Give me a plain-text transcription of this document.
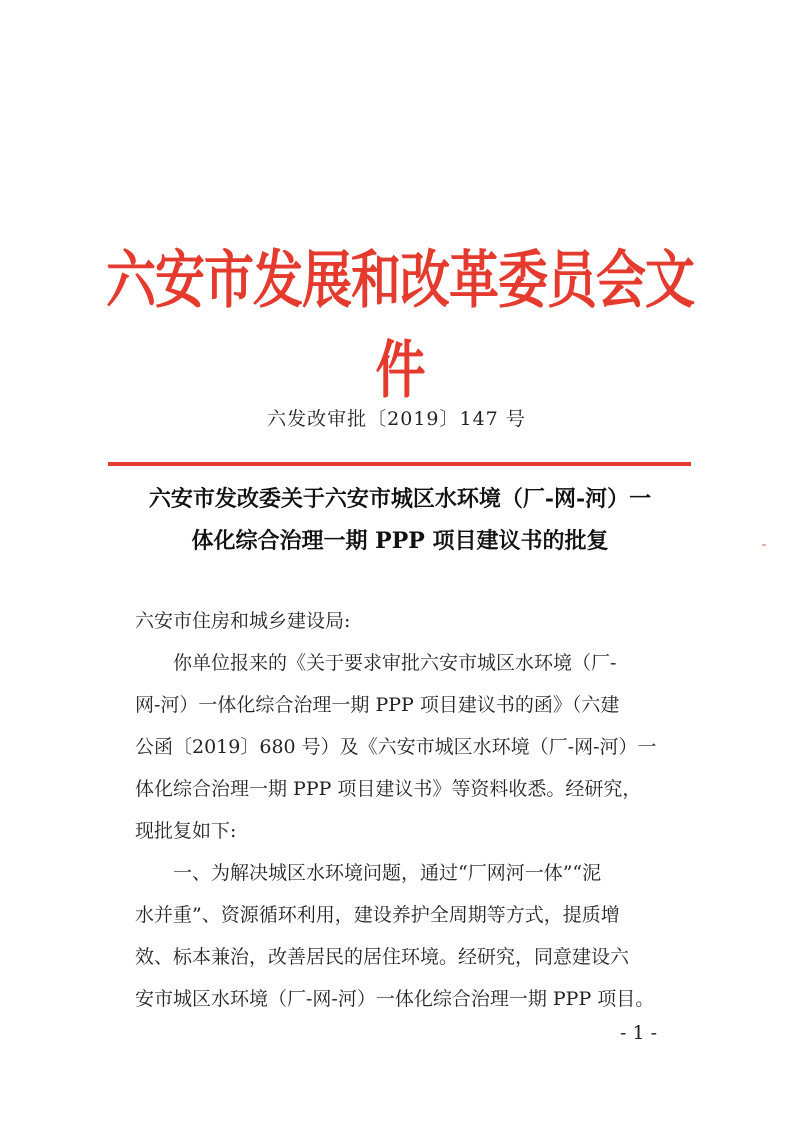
六安市发展和改革委员会文件
六发改审批〔2019〕147 号
六安市发改委关于六安市城区水环境（厂-网-河）一
体化综合治理一期 PPP 项目建议书的批复
六安市住房和城乡建设局:
你单位报来的《关于要求审批六安市城区水环境（厂-
网-河）一体化综合治理一期 PPP 项目建议书的函》（六建
公函〔2019〕680 号）及《六安市城区水环境（厂-网-河）一
体化综合治理一期 PPP 项目建议书》等资料收悉。经研究，
现批复如下:
一、为解决城区水环境问题，通过“厂网河一体”“泥
水并重”、资源循环利用，建设养护全周期等方式，提质增
效、标本兼治，改善居民的居住环境。经研究，同意建设六
安市城区水环境（厂-网-河）一体化综合治理一期 PPP 项目。
- 1 -
